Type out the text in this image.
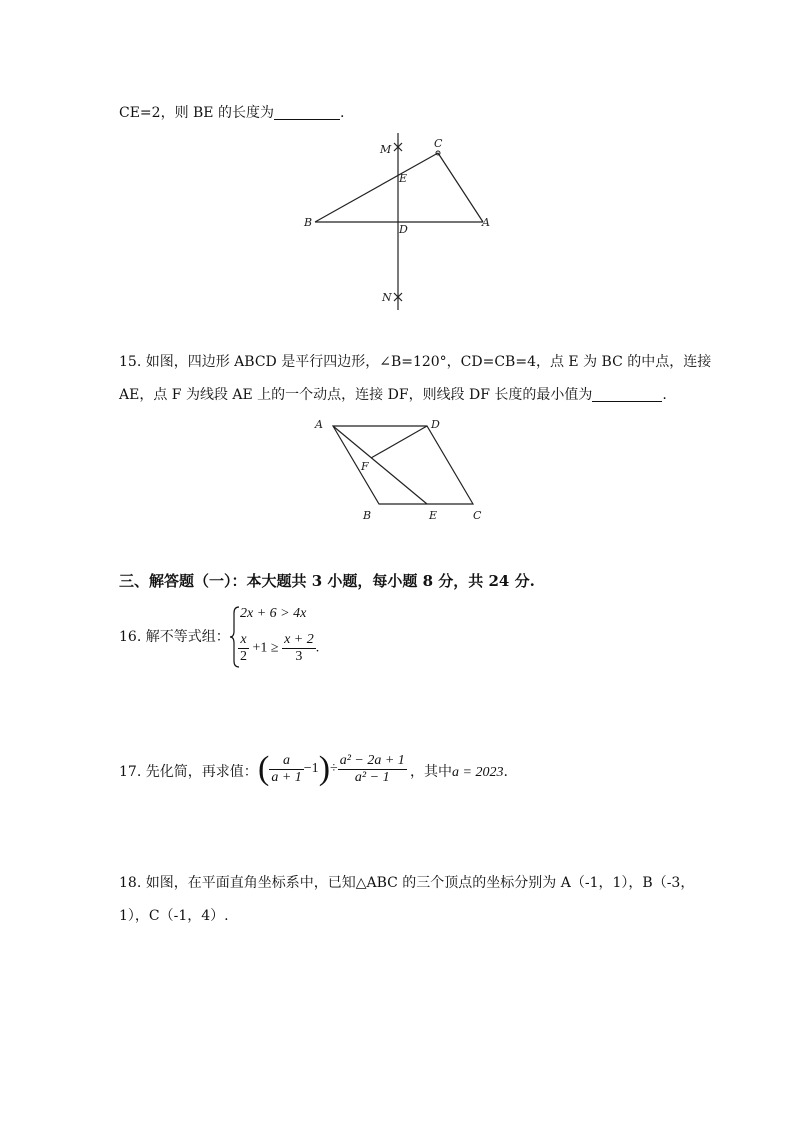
CE=2，则 BE 的长度为	.
M	C
E
B
D
A
N
15. 如图，四边形 ABCD 是平行四边形，∠B=120°，CD=CB=4，点 E 为 BC 的中点，连接
AE，点 F 为线段 AE 上的一个动点，连接 DF，则线段 DF 长度的最小值为	.
A	D
F
B	E	C
三、解答题（一）：本大题共 3 小题，每小题 8 分，共 24 分.
16. 解不等式组：
2x + 6 > 4x
$\frac{x}{2} +1 \ge \frac{x + 2}{3}$ .
17. 先化简，再求值： ( $\frac{a}{a + 1} -1)\div \frac{\text{a² − 2a + 1}}{\text{a² − 1}}$ ，其中a = 2023.
18. 如图，在平面直角坐标系中，已知△ABC 的三个顶点的坐标分别为 A（-1，1），B（-3，
1），C（-1，4）.
